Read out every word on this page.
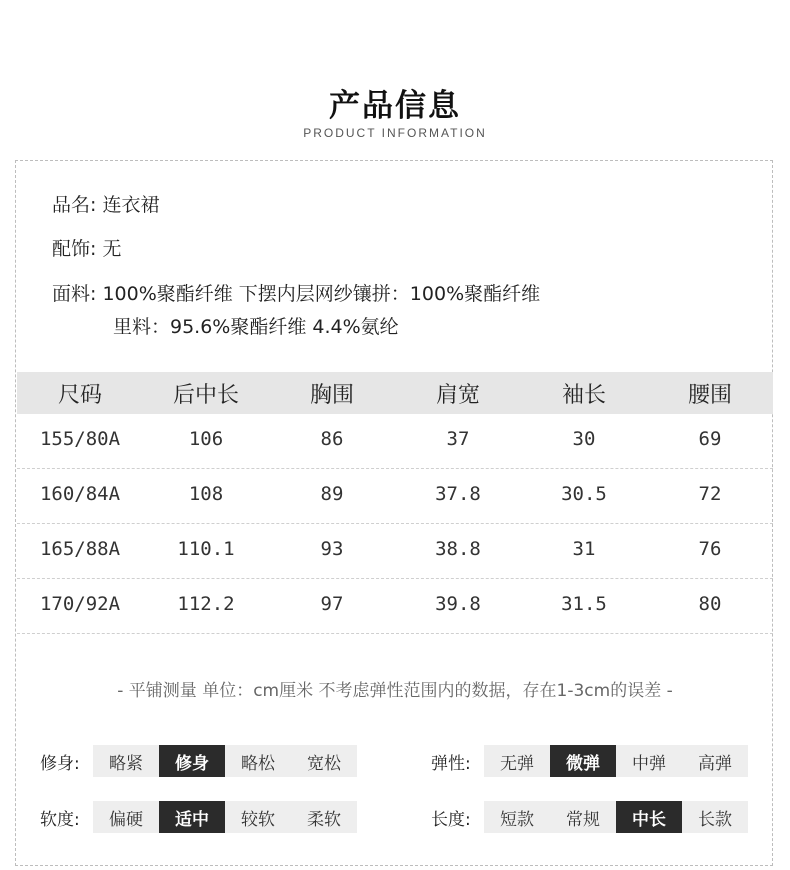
产品信息
PRODUCT INFORMATION
品名: 连衣裙
配饰: 无
面料: 100%聚酯纤维 下摆内层网纱镶拼：100%聚酯纤维
里料：95.6%聚酯纤维 4.4%氨纶
尺码	后中长	胸围	肩宽	袖长	腰围
155/80A	106	86	37	30	69
160/84A	108	89	37.8	30.5	72
165/88A	110.1	93	38.8	31	76
170/92A	112.2	97	39.8	31.5	80
- 平铺测量 单位：cm厘米 不考虑弹性范围内的数据，存在1-3cm的误差 -
修身:	略紧	修身	略松	宽松	弹性:	无弹	微弹	中弹	高弹
软度:	偏硬	适中	较软	柔软	长度:	短款	常规	中长	长款
